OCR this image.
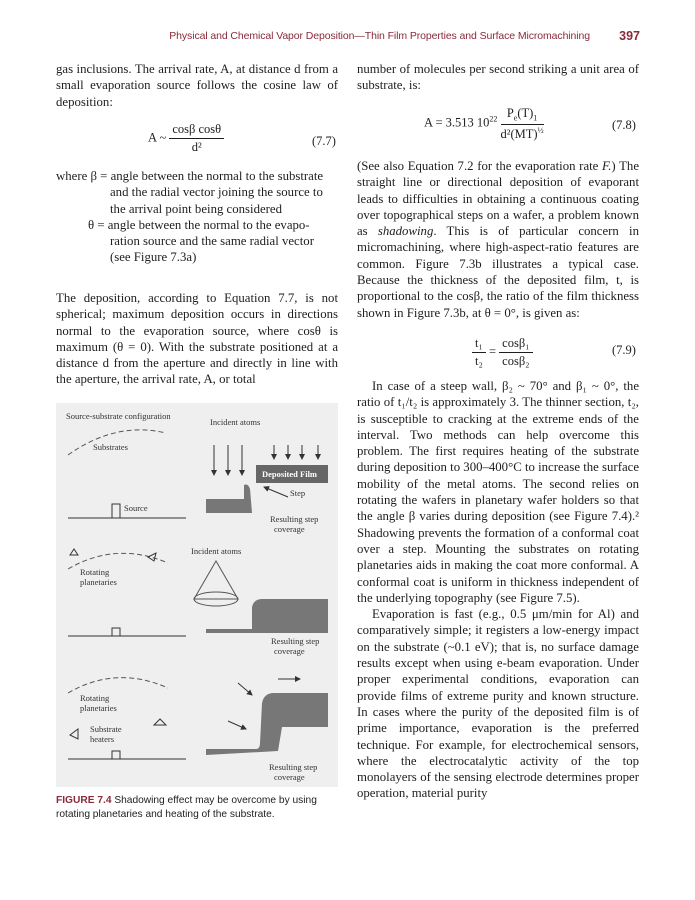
Physical and Chemical Vapor Deposition—Thin Film Properties and Surface Micromachining 397

gas inclusions. The arrival rate, A, at distance d from a small evaporation source follows the cosine law of deposition:

A ~ $\frac{\text{cosβ cosθ}}{\text{d²}}$	(7.7)
where β = angle between the normal to the substrate
and the radial vector joining the source to
the arrival point being considered
θ = angle between the normal to the evapo-
ration source and the same radial vector
(see Figure 7.3a)

The deposition, according to Equation 7.7, is not spherical; maximum deposition occurs in directions normal to the evaporation source, where cosθ is maximum (θ = 0). With the substrate positioned at a distance d from the aperture and directly in line with the aperture, the arrival rate, A, or total

Source-substrate configuration
Incident atoms
Substrates
Source
Deposited Film
Step
Resulting step
coverage
Rotating
planetaries
Incident atoms
Resulting step
coverage
Rotating
planetaries
Substrate
heaters
Resulting step
coverage
FIGURE 7.4 Shadowing effect may be overcome by using rotating planetaries and heating of the substrate.

number of molecules per second striking a unit area of substrate, is:

A = 3.513 $10^{22} \frac{P_e(T)_1}{d^2(MT)^{\frac{1}{2}}}$	(7.8)

(See also Equation 7.2 for the evaporation rate F.) The straight line or directional deposition of evaporant leads to difficulties in obtaining a continuous coating over topographical steps on a wafer, a problem known as shadowing. This is of particular concern in micromachining, where high-aspect-ratio features are common. Figure 7.3b illustrates a typical case. Because the thickness of the deposited film, t, is proportional to the cosβ, the ratio of the film thickness shown in Figure 7.3b, at θ = 0°, is given as:

$\frac{\text{t₁}}{\text{t₂}} = \frac{\text{cosβ₁}}{\text{cosβ₂}}$	(7.9)

In case of a steep wall, β₂ ~ 70° and β₁ ~ 0°, the ratio of t₁/t₂ is approximately 3. The thinner section, t₂, is susceptible to cracking at the extreme ends of the interval. Two methods can help overcome this problem. The first requires heating of the substrate during deposition to 300–400°C to increase the surface mobility of the metal atoms. The second relies on rotating the wafers in planetary wafer holders so that the angle β varies during deposition (see Figure 7.4).² Shadowing prevents the formation of a conformal coat over a step. Mounting the substrates on rotating planetaries aids in making the coat more conformal. A conformal coat is uniform in thickness independent of the underlying topography (see Figure 7.5).

Evaporation is fast (e.g., 0.5 μm/min for Al) and comparatively simple; it registers a low-energy impact on the substrate (~0.1 eV); that is, no surface damage results except when using e-beam evaporation. Under proper experimental conditions, evaporation can provide films of extreme purity and known structure. In cases where the purity of the deposited film is of prime importance, evaporation is the preferred technique. For example, for electrochemical sensors, where the electrocatalytic activity of the top monolayers of the sensing electrode determines proper operation, material purity
